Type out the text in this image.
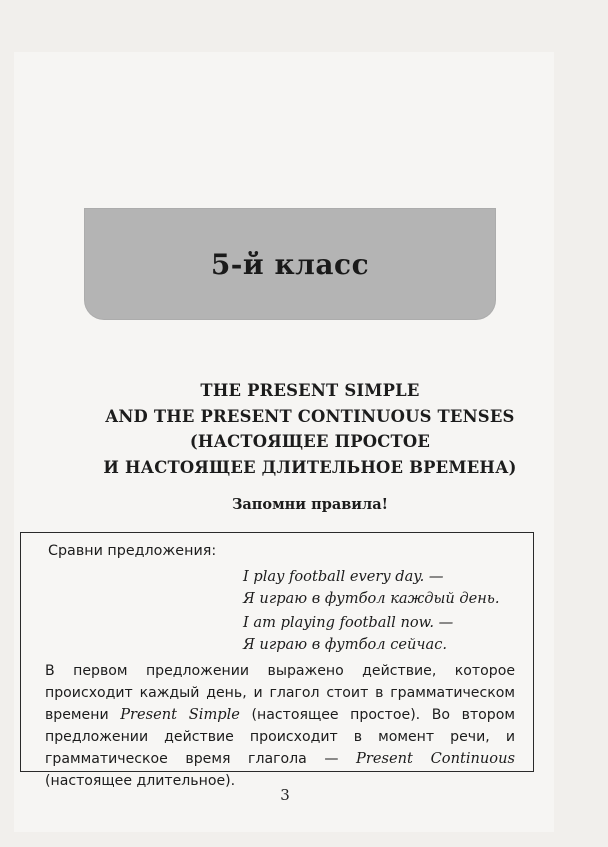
5-й класс
THE PRESENT SIMPLE
AND THE PRESENT CONTINUOUS TENSES
(НАСТОЯЩЕЕ ПРОСТОЕ
И НАСТОЯЩЕЕ ДЛИТЕЛЬНОЕ ВРЕМЕНА)
Запомни правила!
Сравни предложения:
I play football every day. —
Я играю в футбол каждый день.
I am playing football now. —
Я играю в футбол сейчас.
В первом предложении выражено действие, которое происходит каждый день, и глагол стоит в грамматическом времени Present Simple (настоящее простое). Во втором предложении действие происходит в момент речи, и грамматическое время глагола — Present Continuous (настоящее длительное).
3
